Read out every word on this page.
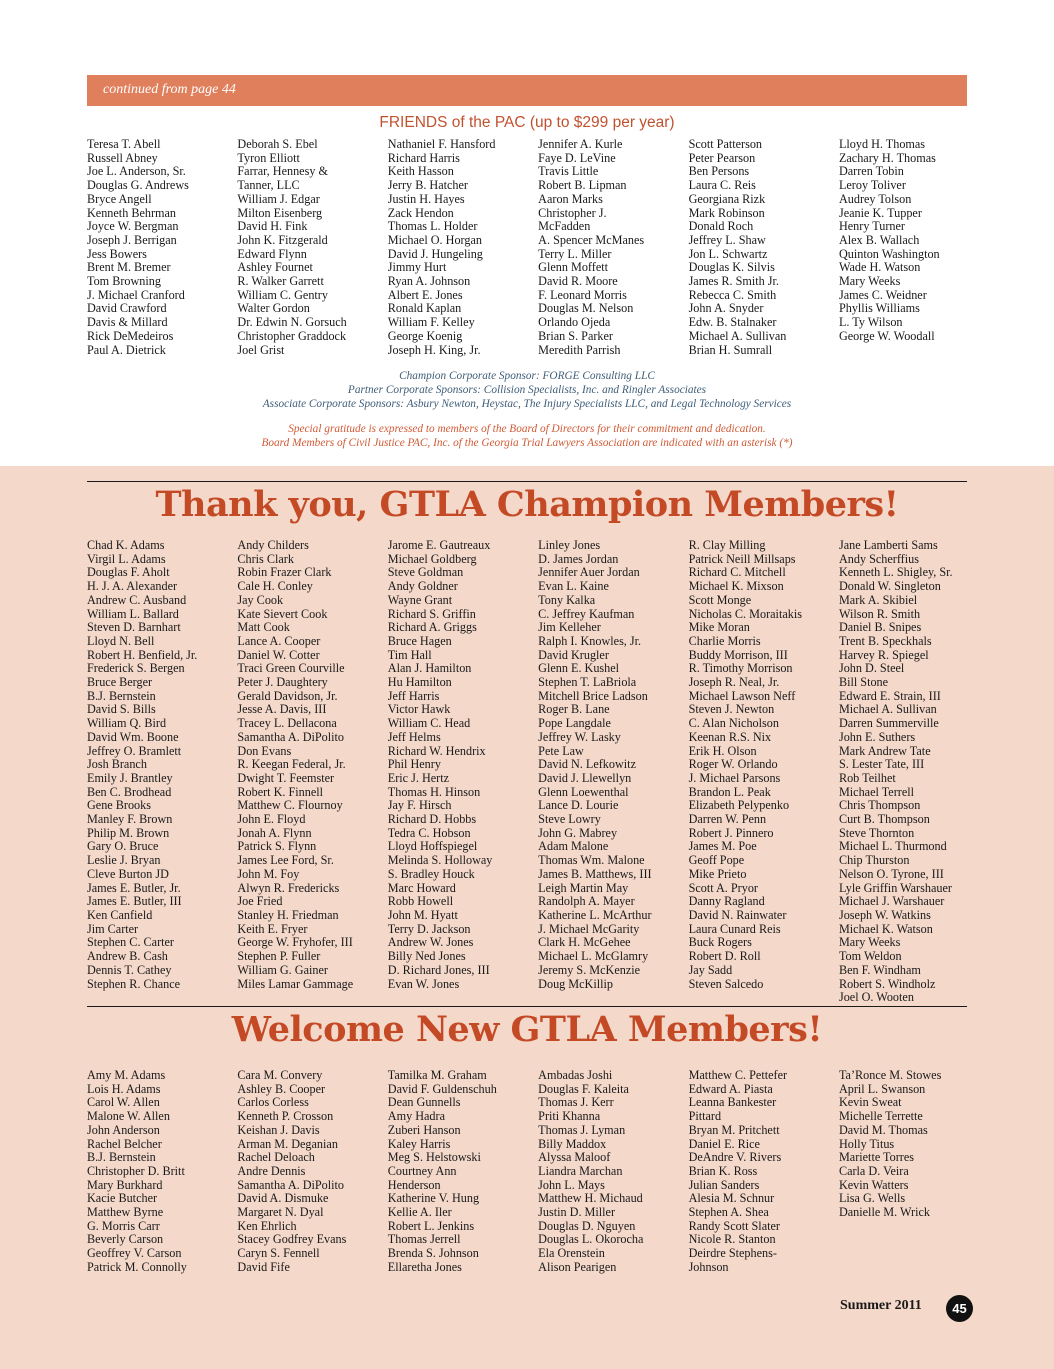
continued from page 44
FRIENDS of the PAC (up to $299 per year)
Teresa T. Abell
Russell Abney
Joe L. Anderson, Sr.
Douglas G. Andrews
Bryce Angell
Kenneth Behrman
Joyce W. Bergman
Joseph J. Berrigan
Jess Bowers
Brent M. Bremer
Tom Browning
J. Michael Cranford
David Crawford
Davis & Millard
Rick DeMedeiros
Paul A. Dietrick
Deborah S. Ebel
Tyron Elliott
Farrar, Hennesy &
Tanner, LLC
William J. Edgar
Milton Eisenberg
David H. Fink
John K. Fitzgerald
Edward Flynn
Ashley Fournet
R. Walker Garrett
William C. Gentry
Walter Gordon
Dr. Edwin N. Gorsuch
Christopher Graddock
Joel Grist
Nathaniel F. Hansford
Richard Harris
Keith Hasson
Jerry B. Hatcher
Justin H. Hayes
Zack Hendon
Thomas L. Holder
Michael O. Horgan
David J. Hungeling
Jimmy Hurt
Ryan A. Johnson
Albert E. Jones
Ronald Kaplan
William F. Kelley
George Koenig
Joseph H. King, Jr.
Jennifer A. Kurle
Faye D. LeVine
Travis Little
Robert B. Lipman
Aaron Marks
Christopher J.
McFadden
A. Spencer McManes
Terry L. Miller
Glenn Moffett
David R. Moore
F. Leonard Morris
Douglas M. Nelson
Orlando Ojeda
Brian S. Parker
Meredith Parrish
Scott Patterson
Peter Pearson
Ben Persons
Laura C. Reis
Georgiana Rizk
Mark Robinson
Donald Roch
Jeffrey L. Shaw
Jon L. Schwartz
Douglas K. Silvis
James R. Smith Jr.
Rebecca C. Smith
John A. Snyder
Edw. B. Stalnaker
Michael A. Sullivan
Brian H. Sumrall
Lloyd H. Thomas
Zachary H. Thomas
Darren Tobin
Leroy Toliver
Audrey Tolson
Jeanie K. Tupper
Henry Turner
Alex B. Wallach
Quinton Washington
Wade H. Watson
Mary Weeks
James C. Weidner
Phyllis Williams
L. Ty Wilson
George W. Woodall
Champion Corporate Sponsor: FORGE Consulting LLC
Partner Corporate Sponsors: Collision Specialists, Inc. and Ringler Associates
Associate Corporate Sponsors: Asbury Newton, Heystac, The Injury Specialists LLC, and Legal Technology Services
Special gratitude is expressed to members of the Board of Directors for their commitment and dedication.
Board Members of Civil Justice PAC, Inc. of the Georgia Trial Lawyers Association are indicated with an asterisk (*)
Thank you, GTLA Champion Members!
Chad K. Adams
Virgil L. Adams
Douglas F. Aholt
H. J. A. Alexander
Andrew C. Ausband
William L. Ballard
Steven D. Barnhart
Lloyd N. Bell
Robert H. Benfield, Jr.
Frederick S. Bergen
Bruce Berger
B.J. Bernstein
David S. Bills
William Q. Bird
David Wm. Boone
Jeffrey O. Bramlett
Josh Branch
Emily J. Brantley
Ben C. Brodhead
Gene Brooks
Manley F. Brown
Philip M. Brown
Gary O. Bruce
Leslie J. Bryan
Cleve Burton JD
James E. Butler, Jr.
James E. Butler, III
Ken Canfield
Jim Carter
Stephen C. Carter
Andrew B. Cash
Dennis T. Cathey
Stephen R. Chance
Andy Childers
Chris Clark
Robin Frazer Clark
Cale H. Conley
Jay Cook
Kate Sievert Cook
Matt Cook
Lance A. Cooper
Daniel W. Cotter
Traci Green Courville
Peter J. Daughtery
Gerald Davidson, Jr.
Jesse A. Davis, III
Tracey L. Dellacona
Samantha A. DiPolito
Don Evans
R. Keegan Federal, Jr.
Dwight T. Feemster
Robert K. Finnell
Matthew C. Flournoy
John E. Floyd
Jonah A. Flynn
Patrick S. Flynn
James Lee Ford, Sr.
John M. Foy
Alwyn R. Fredericks
Joe Fried
Stanley H. Friedman
Keith E. Fryer
George W. Fryhofer, III
Stephen P. Fuller
William G. Gainer
Miles Lamar Gammage
Jarome E. Gautreaux
Michael Goldberg
Steve Goldman
Andy Goldner
Wayne Grant
Richard S. Griffin
Richard A. Griggs
Bruce Hagen
Tim Hall
Alan J. Hamilton
Hu Hamilton
Jeff Harris
Victor Hawk
William C. Head
Jeff Helms
Richard W. Hendrix
Phil Henry
Eric J. Hertz
Thomas H. Hinson
Jay F. Hirsch
Richard D. Hobbs
Tedra C. Hobson
Lloyd Hoffspiegel
Melinda S. Holloway
S. Bradley Houck
Marc Howard
Robb Howell
John M. Hyatt
Terry D. Jackson
Andrew W. Jones
Billy Ned Jones
D. Richard Jones, III
Evan W. Jones
Linley Jones
D. James Jordan
Jennifer Auer Jordan
Evan L. Kaine
Tony Kalka
C. Jeffrey Kaufman
Jim Kelleher
Ralph I. Knowles, Jr.
David Krugler
Glenn E. Kushel
Stephen T. LaBriola
Mitchell Brice Ladson
Roger B. Lane
Pope Langdale
Jeffrey W. Lasky
Pete Law
David N. Lefkowitz
David J. Llewellyn
Glenn Loewenthal
Lance D. Lourie
Steve Lowry
John G. Mabrey
Adam Malone
Thomas Wm. Malone
James B. Matthews, III
Leigh Martin May
Randolph A. Mayer
Katherine L. McArthur
J. Michael McGarity
Clark H. McGehee
Michael L. McGlamry
Jeremy S. McKenzie
Doug McKillip
R. Clay Milling
Patrick Neill Millsaps
Richard C. Mitchell
Michael K. Mixson
Scott Monge
Nicholas C. Moraitakis
Mike Moran
Charlie Morris
Buddy Morrison, III
R. Timothy Morrison
Joseph R. Neal, Jr.
Michael Lawson Neff
Steven J. Newton
C. Alan Nicholson
Keenan R.S. Nix
Erik H. Olson
Roger W. Orlando
J. Michael Parsons
Brandon L. Peak
Elizabeth Pelypenko
Darren W. Penn
Robert J. Pinnero
James M. Poe
Geoff Pope
Mike Prieto
Scott A. Pryor
Danny Ragland
David N. Rainwater
Laura Cunard Reis
Buck Rogers
Robert D. Roll
Jay Sadd
Steven Salcedo
Jane Lamberti Sams
Andy Scherffius
Kenneth L. Shigley, Sr.
Donald W. Singleton
Mark A. Skibiel
Wilson R. Smith
Daniel B. Snipes
Trent B. Speckhals
Harvey R. Spiegel
John D. Steel
Bill Stone
Edward E. Strain, III
Michael A. Sullivan
Darren Summerville
John E. Suthers
Mark Andrew Tate
S. Lester Tate, III
Rob Teilhet
Michael Terrell
Chris Thompson
Curt B. Thompson
Steve Thornton
Michael L. Thurmond
Chip Thurston
Nelson O. Tyrone, III
Lyle Griffin Warshauer
Michael J. Warshauer
Joseph W. Watkins
Michael K. Watson
Mary Weeks
Tom Weldon
Ben F. Windham
Robert S. Windholz
Joel O. Wooten
Welcome New GTLA Members!
Amy M. Adams
Lois H. Adams
Carol W. Allen
Malone W. Allen
John Anderson
Rachel Belcher
B.J. Bernstein
Christopher D. Britt
Mary Burkhard
Kacie Butcher
Matthew Byrne
G. Morris Carr
Beverly Carson
Geoffrey V. Carson
Patrick M. Connolly
Cara M. Convery
Ashley B. Cooper
Carlos Corless
Kenneth P. Crosson
Keishan J. Davis
Arman M. Deganian
Rachel Deloach
Andre Dennis
Samantha A. DiPolito
David A. Dismuke
Margaret N. Dyal
Ken Ehrlich
Stacey Godfrey Evans
Caryn S. Fennell
David Fife
Tamilka M. Graham
David F. Guldenschuh
Dean Gunnells
Amy Hadra
Zuberi Hanson
Kaley Harris
Meg S. Helstowski
Courtney Ann
Henderson
Katherine V. Hung
Kellie A. Iler
Robert L. Jenkins
Thomas Jerrell
Brenda S. Johnson
Ellaretha Jones
Ambadas Joshi
Douglas F. Kaleita
Thomas J. Kerr
Priti Khanna
Thomas J. Lyman
Billy Maddox
Alyssa Maloof
Liandra Marchan
John L. Mays
Matthew H. Michaud
Justin D. Miller
Douglas D. Nguyen
Douglas L. Okorocha
Ela Orenstein
Alison Pearigen
Matthew C. Pettefer
Edward A. Piasta
Leanna Bankester
Pittard
Bryan M. Pritchett
Daniel E. Rice
DeAndre V. Rivers
Brian K. Ross
Julian Sanders
Alesia M. Schnur
Stephen A. Shea
Randy Scott Slater
Nicole R. Stanton
Deirdre Stephens-
Johnson
Ta’Ronce M. Stowes
April L. Swanson
Kevin Sweat
Michelle Terrette
David M. Thomas
Holly Titus
Mariette Torres
Carla D. Veira
Kevin Watters
Lisa G. Wells
Danielle M. Wrick
Summer 2011	45
